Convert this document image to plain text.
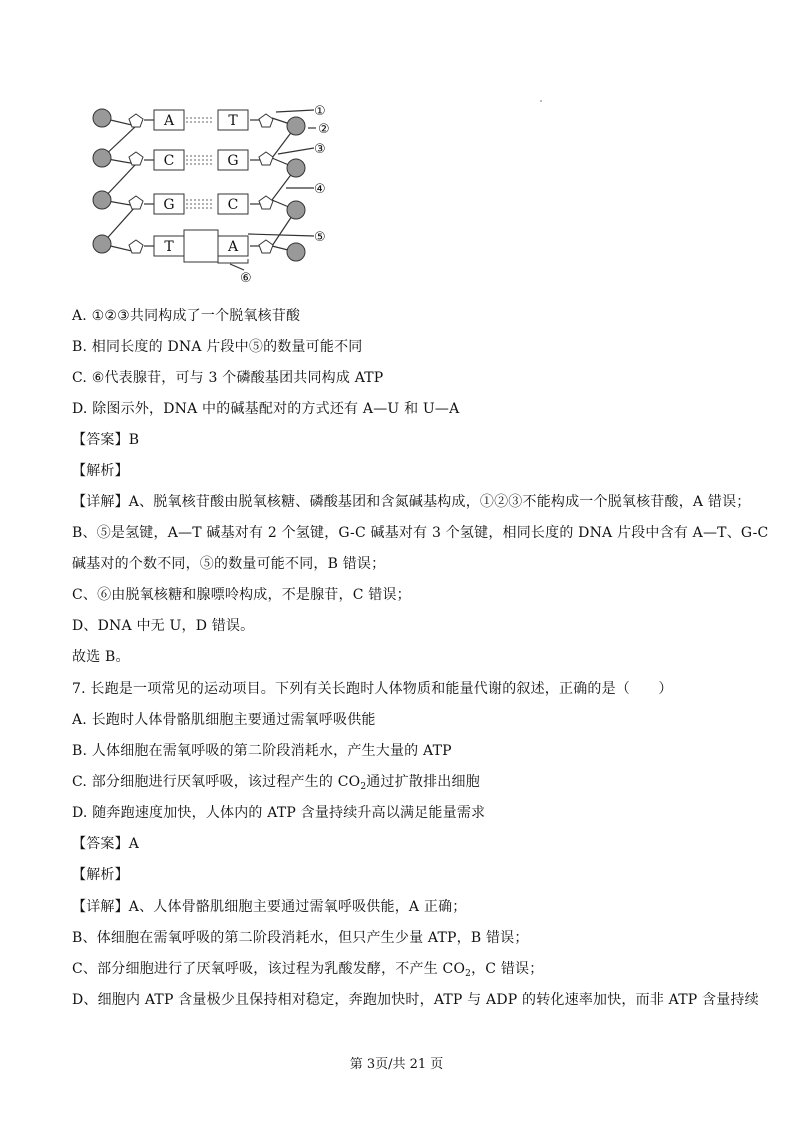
A	T
C	G
G	C
T	A
①
②
③
④
⑤
⑥
A. ①②③共同构成了一个脱氧核苷酸
B. 相同长度的 DNA 片段中⑤的数量可能不同
C. ⑥代表腺苷，可与 3 个磷酸基团共同构成 ATP
D. 除图示外，DNA 中的碱基配对的方式还有 A—U 和 U—A
【答案】B
【解析】
【详解】A、脱氧核苷酸由脱氧核糖、磷酸基团和含氮碱基构成，①②③不能构成一个脱氧核苷酸，A 错误；
B、⑤是氢键，A—T 碱基对有 2 个氢键，G-C 碱基对有 3 个氢键，相同长度的 DNA 片段中含有 A—T、G-C
碱基对的个数不同，⑤的数量可能不同，B 错误；
C、⑥由脱氧核糖和腺嘌呤构成，不是腺苷，C 错误；
D、DNA 中无 U，D 错误。
故选 B。
7. 长跑是一项常见的运动项目。下列有关长跑时人体物质和能量代谢的叙述，正确的是（　　）
A. 长跑时人体骨骼肌细胞主要通过需氧呼吸供能
B. 人体细胞在需氧呼吸的第二阶段消耗水，产生大量的 ATP
C. 部分细胞进行厌氧呼吸，该过程产生的 $CO_2$通过扩散排出细胞
D. 随奔跑速度加快，人体内的 ATP 含量持续升高以满足能量需求
【答案】A
【解析】
【详解】A、人体骨骼肌细胞主要通过需氧呼吸供能，A 正确；
B、体细胞在需氧呼吸的第二阶段消耗水，但只产生少量 ATP，B 错误；
C、部分细胞进行了厌氧呼吸，该过程为乳酸发酵，不产生 $CO_2$，C 错误；
D、细胞内 ATP 含量极少且保持相对稳定，奔跑加快时，ATP 与 ADP 的转化速率加快，而非 ATP 含量持续
第 3页/共 21 页
